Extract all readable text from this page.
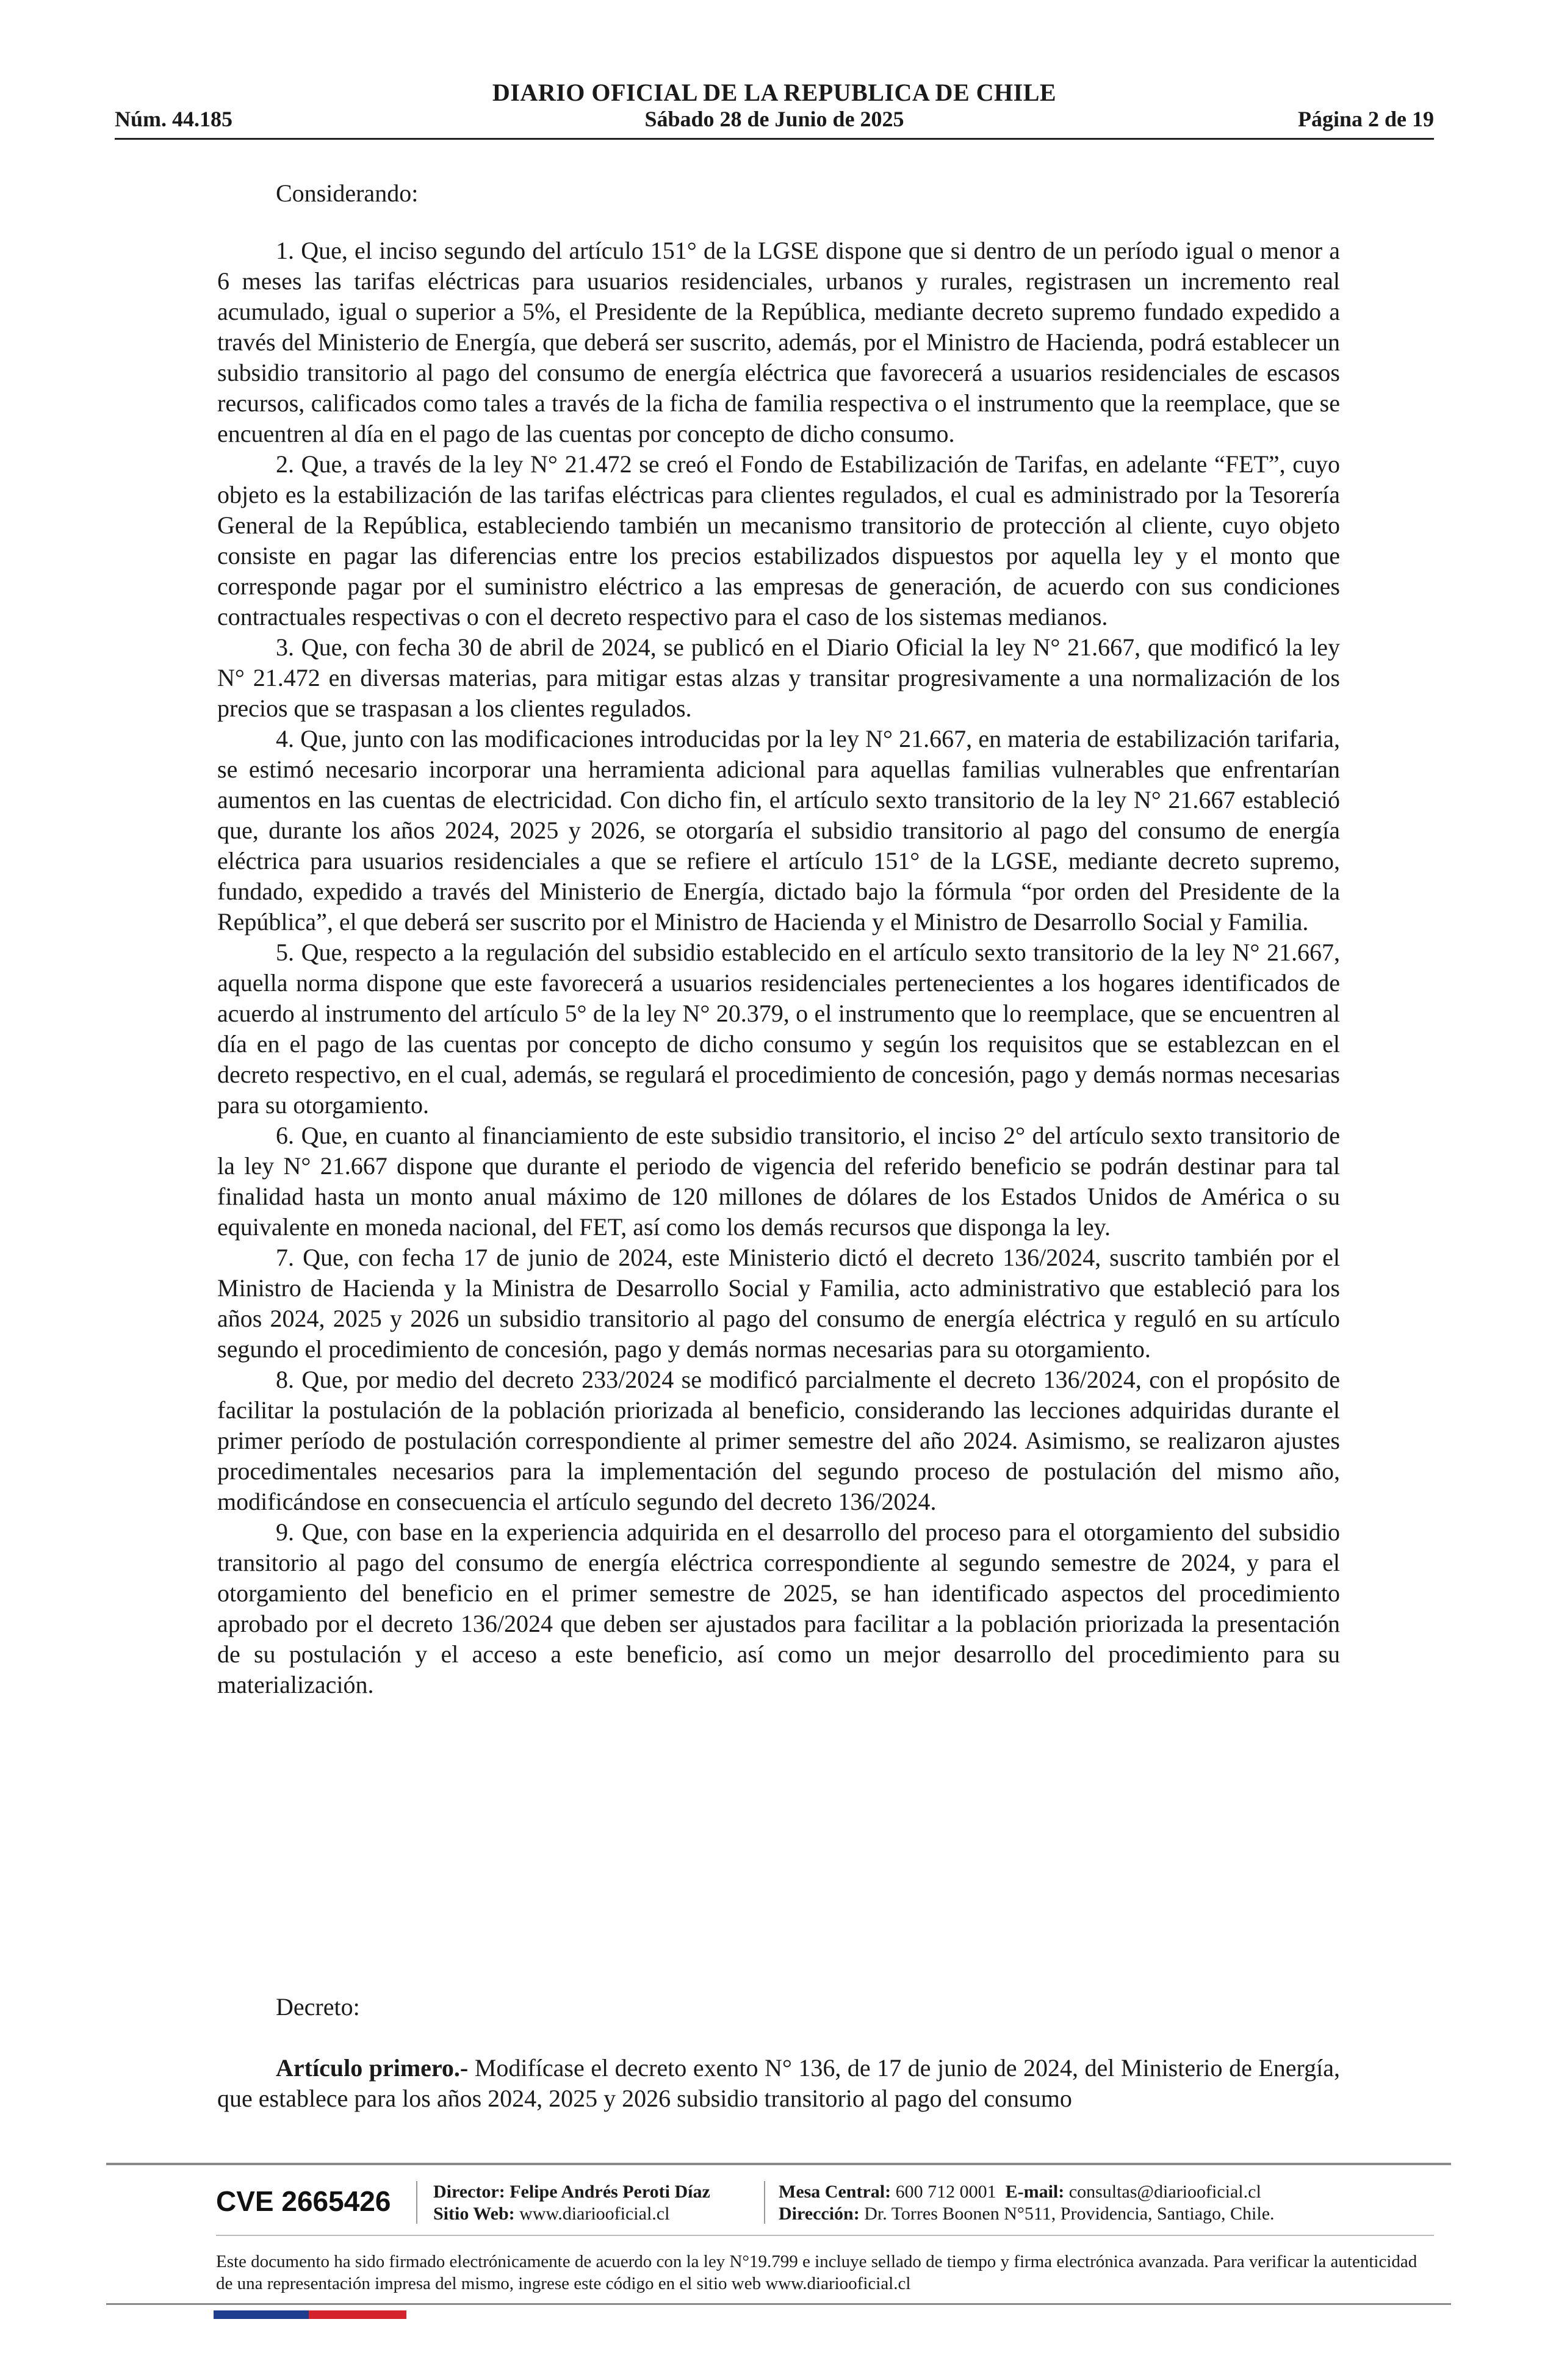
DIARIO OFICIAL DE LA REPUBLICA DE CHILE
Núm. 44.185	Sábado 28 de Junio de 2025	Página 2 de 19
Considerando:

1. Que, el inciso segundo del artículo 151° de la LGSE dispone que si dentro de un período igual o menor a 6 meses las tarifas eléctricas para usuarios residenciales, urbanos y rurales, registrasen un incremento real acumulado, igual o superior a 5%, el Presidente de la República, mediante decreto supremo fundado expedido a través del Ministerio de Energía, que deberá ser suscrito, además, por el Ministro de Hacienda, podrá establecer un subsidio transitorio al pago del consumo de energía eléctrica que favorecerá a usuarios residenciales de escasos recursos, calificados como tales a través de la ficha de familia respectiva o el instrumento que la reemplace, que se encuentren al día en el pago de las cuentas por concepto de dicho consumo.

2. Que, a través de la ley N° 21.472 se creó el Fondo de Estabilización de Tarifas, en adelante “FET”, cuyo objeto es la estabilización de las tarifas eléctricas para clientes regulados, el cual es administrado por la Tesorería General de la República, estableciendo también un mecanismo transitorio de protección al cliente, cuyo objeto consiste en pagar las diferencias entre los precios estabilizados dispuestos por aquella ley y el monto que corresponde pagar por el suministro eléctrico a las empresas de generación, de acuerdo con sus condiciones contractuales respectivas o con el decreto respectivo para el caso de los sistemas medianos.

3. Que, con fecha 30 de abril de 2024, se publicó en el Diario Oficial la ley N° 21.667, que modificó la ley N° 21.472 en diversas materias, para mitigar estas alzas y transitar progresivamente a una normalización de los precios que se traspasan a los clientes regulados.

4. Que, junto con las modificaciones introducidas por la ley N° 21.667, en materia de estabilización tarifaria, se estimó necesario incorporar una herramienta adicional para aquellas familias vulnerables que enfrentarían aumentos en las cuentas de electricidad. Con dicho fin, el artículo sexto transitorio de la ley N° 21.667 estableció que, durante los años 2024, 2025 y 2026, se otorgaría el subsidio transitorio al pago del consumo de energía eléctrica para usuarios residenciales a que se refiere el artículo 151° de la LGSE, mediante decreto supremo, fundado, expedido a través del Ministerio de Energía, dictado bajo la fórmula “por orden del Presidente de la República”, el que deberá ser suscrito por el Ministro de Hacienda y el Ministro de Desarrollo Social y Familia.

5. Que, respecto a la regulación del subsidio establecido en el artículo sexto transitorio de la ley N° 21.667, aquella norma dispone que este favorecerá a usuarios residenciales pertenecientes a los hogares identificados de acuerdo al instrumento del artículo 5° de la ley N° 20.379, o el instrumento que lo reemplace, que se encuentren al día en el pago de las cuentas por concepto de dicho consumo y según los requisitos que se establezcan en el decreto respectivo, en el cual, además, se regulará el procedimiento de concesión, pago y demás normas necesarias para su otorgamiento.

6. Que, en cuanto al financiamiento de este subsidio transitorio, el inciso 2° del artículo sexto transitorio de la ley N° 21.667 dispone que durante el periodo de vigencia del referido beneficio se podrán destinar para tal finalidad hasta un monto anual máximo de 120 millones de dólares de los Estados Unidos de América o su equivalente en moneda nacional, del FET, así como los demás recursos que disponga la ley.

7. Que, con fecha 17 de junio de 2024, este Ministerio dictó el decreto 136/2024, suscrito también por el Ministro de Hacienda y la Ministra de Desarrollo Social y Familia, acto administrativo que estableció para los años 2024, 2025 y 2026 un subsidio transitorio al pago del consumo de energía eléctrica y reguló en su artículo segundo el procedimiento de concesión, pago y demás normas necesarias para su otorgamiento.

8. Que, por medio del decreto 233/2024 se modificó parcialmente el decreto 136/2024, con el propósito de facilitar la postulación de la población priorizada al beneficio, considerando las lecciones adquiridas durante el primer período de postulación correspondiente al primer semestre del año 2024. Asimismo, se realizaron ajustes procedimentales necesarios para la implementación del segundo proceso de postulación del mismo año, modificándose en consecuencia el artículo segundo del decreto 136/2024.

9. Que, con base en la experiencia adquirida en el desarrollo del proceso para el otorgamiento del subsidio transitorio al pago del consumo de energía eléctrica correspondiente al segundo semestre de 2024, y para el otorgamiento del beneficio en el primer semestre de 2025, se han identificado aspectos del procedimiento aprobado por el decreto 136/2024 que deben ser ajustados para facilitar a la población priorizada la presentación de su postulación y el acceso a este beneficio, así como un mejor desarrollo del procedimiento para su materialización.

Decreto:

Artículo primero.- Modifícase el decreto exento N° 136, de 17 de junio de 2024, del Ministerio de Energía, que establece para los años 2024, 2025 y 2026 subsidio transitorio al pago del consumo

CVE 2665426 Director: Felipe Andrés Peroti Díaz
Sitio Web: www.diariooficial.cl
Mesa Central: 600 712 0001 E-mail: consultas@diariooficial.cl
Dirección: Dr. Torres Boonen N°511, Providencia, Santiago, Chile.
Este documento ha sido firmado electrónicamente de acuerdo con la ley N°19.799 e incluye sellado de tiempo y firma electrónica avanzada. Para verificar la autenticidad de una representación impresa del mismo, ingrese este código en el sitio web www.diariooficial.cl
